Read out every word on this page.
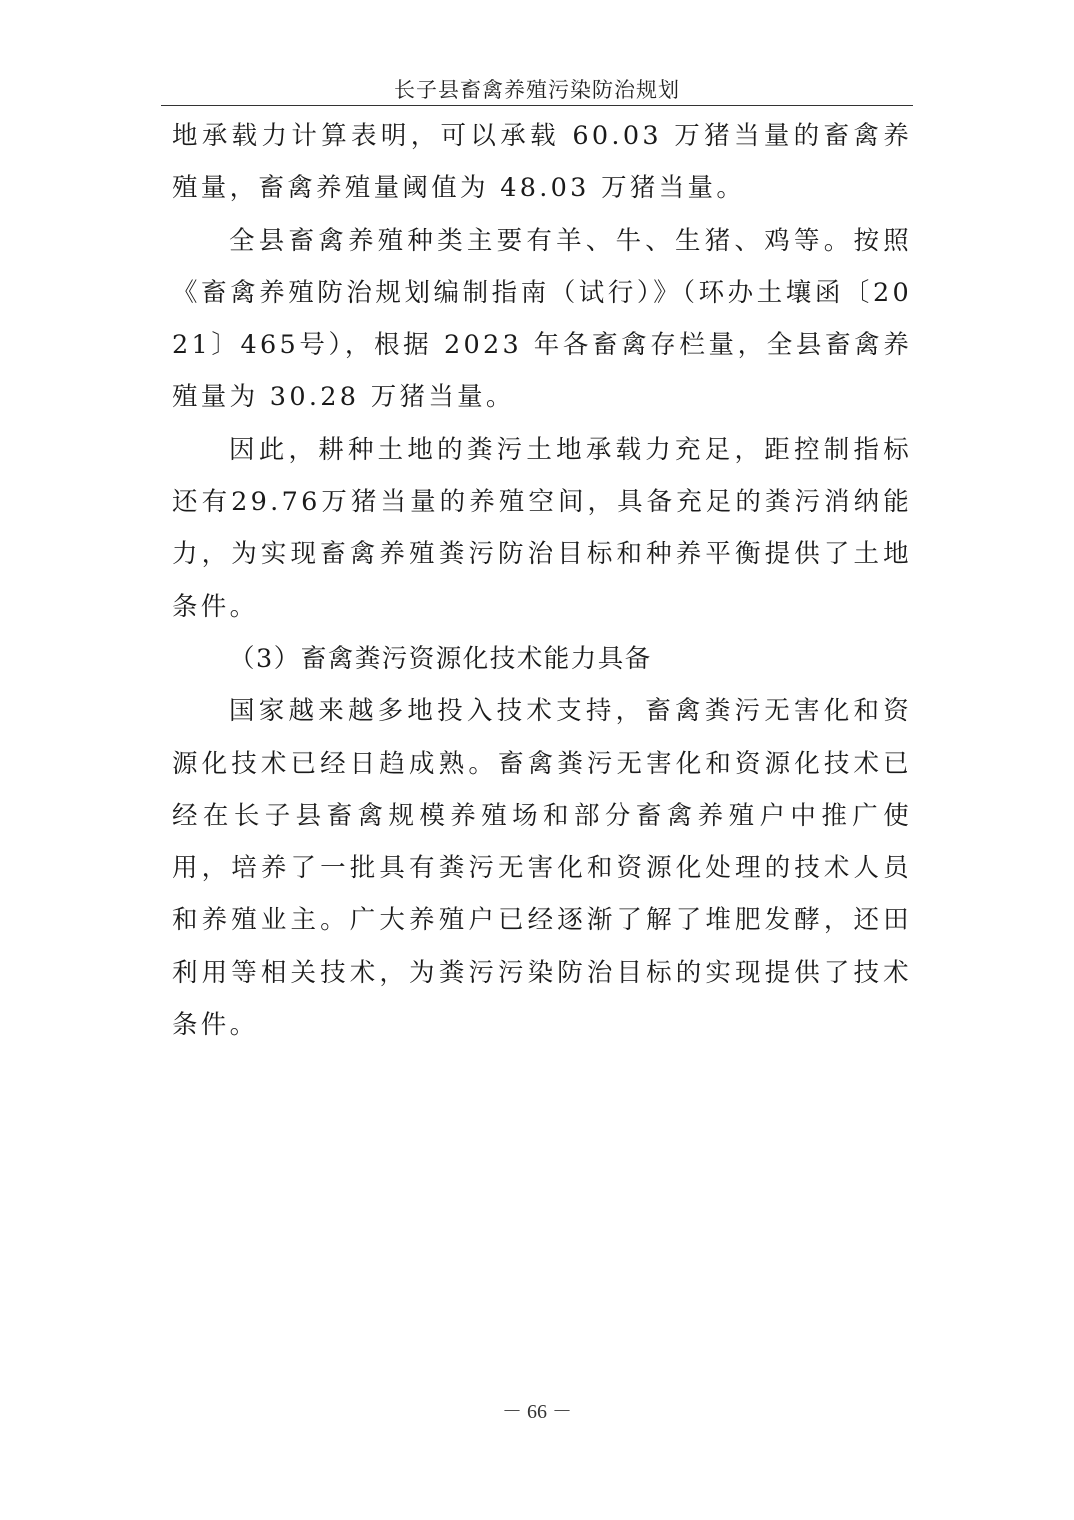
长子县畜禽养殖污染防治规划

地承载力计算表明，可以承载 60.03 万猪当量的畜禽养殖量，畜禽养殖量阈值为 48.03 万猪当量。

全县畜禽养殖种类主要有羊、牛、生猪、鸡等。按照《畜禽养殖防治规划编制指南（试行）》（环办土壤函〔2021〕465号），根据 2023 年各畜禽存栏量，全县畜禽养殖量为 30.28 万猪当量。

因此，耕种土地的粪污土地承载力充足，距控制指标还有29.76万猪当量的养殖空间，具备充足的粪污消纳能力，为实现畜禽养殖粪污防治目标和种养平衡提供了土地条件。

（3）畜禽粪污资源化技术能力具备

国家越来越多地投入技术支持，畜禽粪污无害化和资源化技术已经日趋成熟。畜禽粪污无害化和资源化技术已经在长子县畜禽规模养殖场和部分畜禽养殖户中推广使用，培养了一批具有粪污无害化和资源化处理的技术人员和养殖业主。广大养殖户已经逐渐了解了堆肥发酵，还田利用等相关技术，为粪污污染防治目标的实现提供了技术条件。

－ 66 －
